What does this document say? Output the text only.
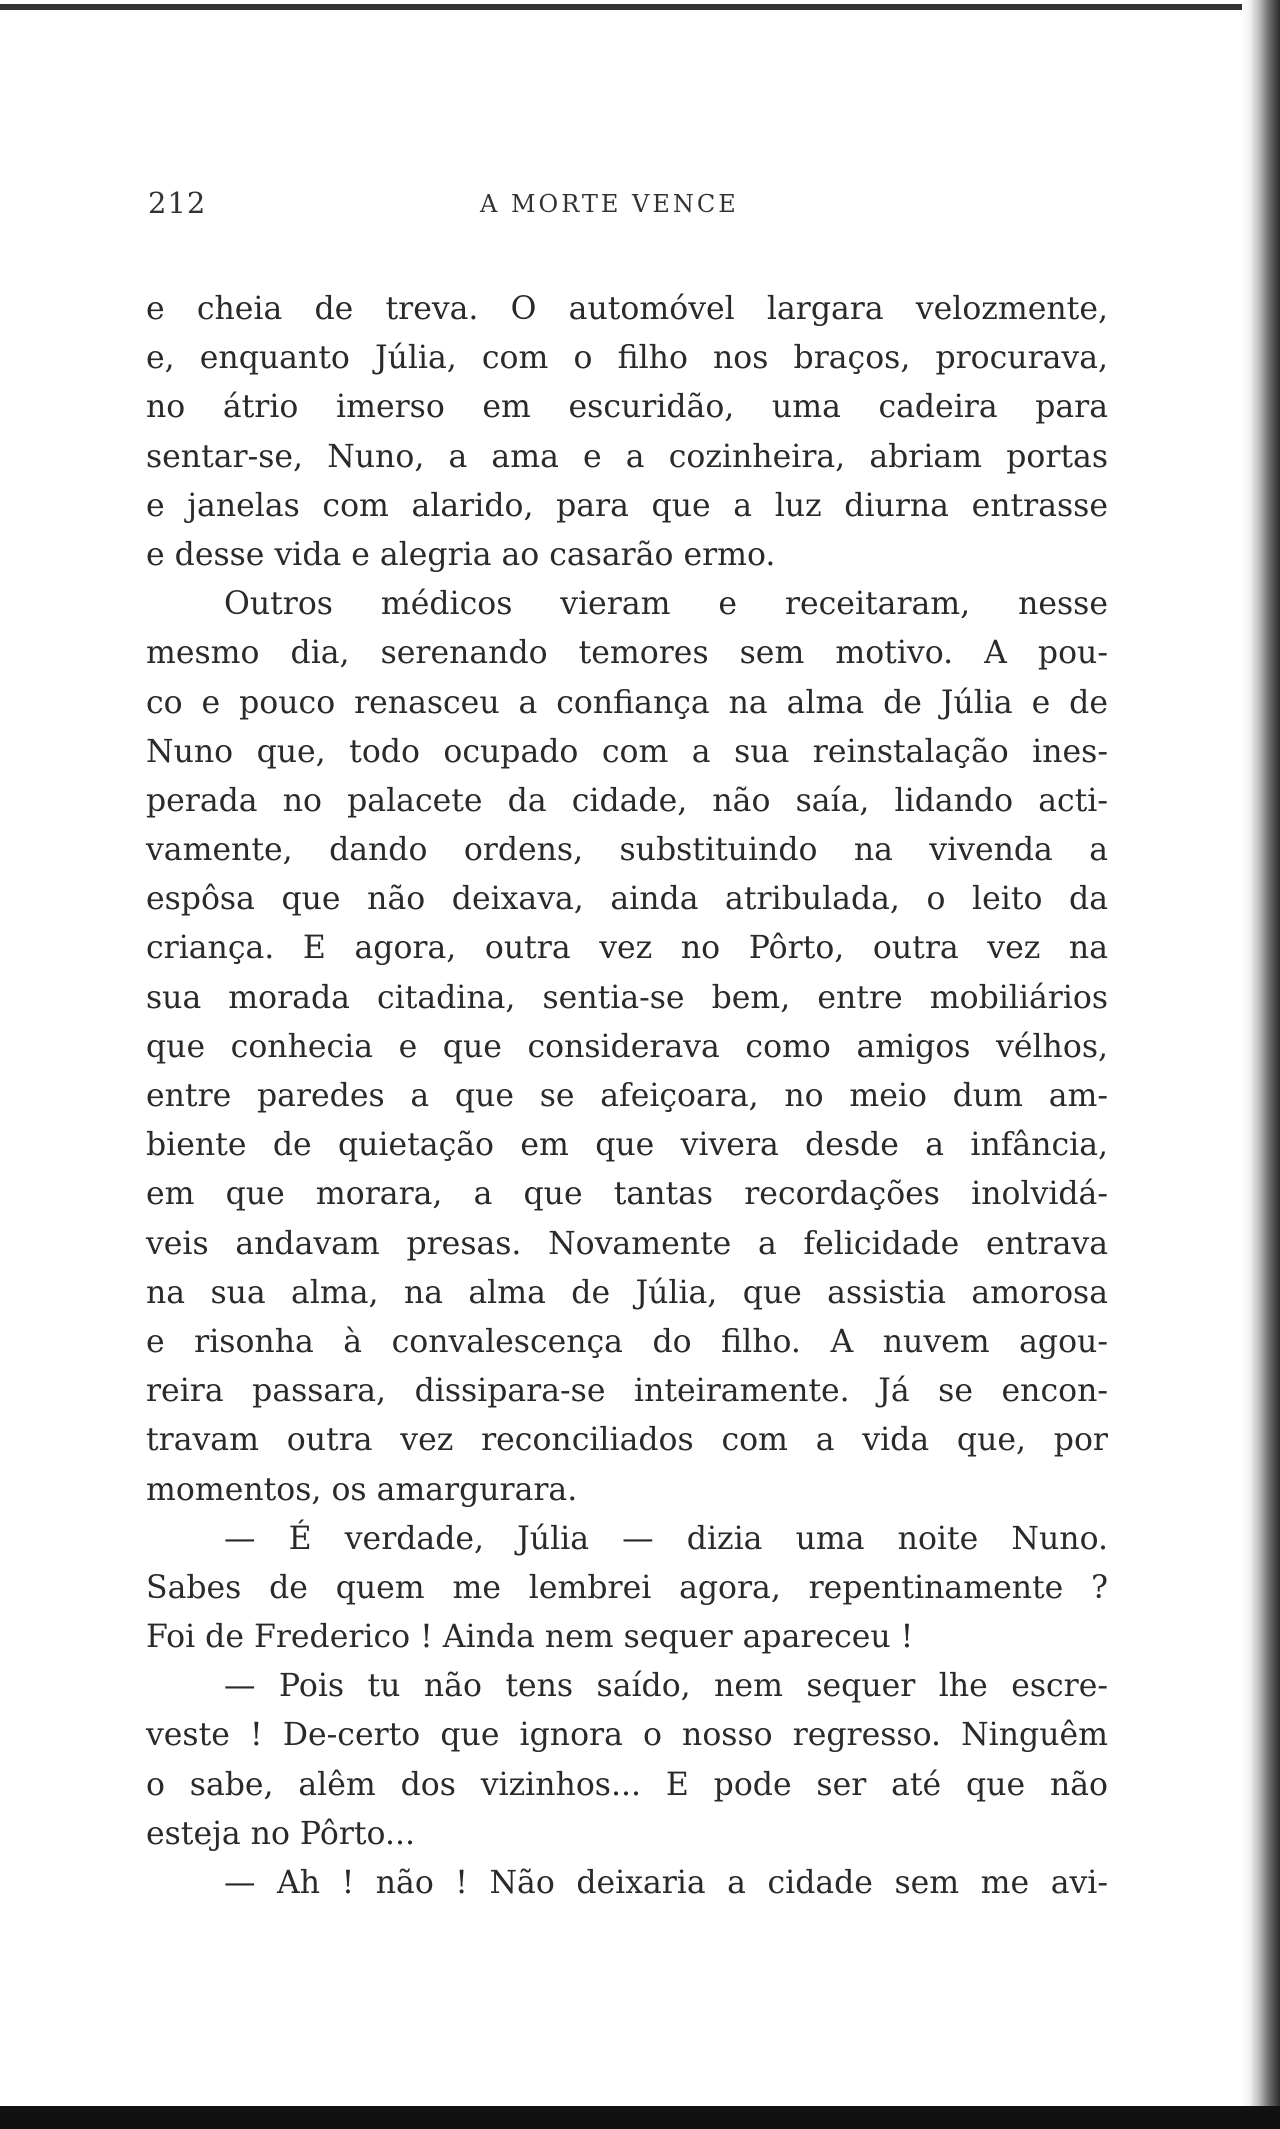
212	A MORTE VENCE
e cheia de treva. O automóvel largara velozmente,
e, enquanto Júlia, com o filho nos braços, procurava,
no átrio imerso em escuridão, uma cadeira para
sentar-se, Nuno, a ama e a cozinheira, abriam portas
e janelas com alarido, para que a luz diurna entrasse
e desse vida e alegria ao casarão ermo.
Outros médicos vieram e receitaram, nesse
mesmo dia, serenando temores sem motivo. A pou-
co e pouco renasceu a confiança na alma de Júlia e de
Nuno que, todo ocupado com a sua reinstalação ines-
perada no palacete da cidade, não saía, lidando acti-
vamente, dando ordens, substituindo na vivenda a
espôsa que não deixava, ainda atribulada, o leito da
criança. E agora, outra vez no Pôrto, outra vez na
sua morada citadina, sentia-se bem, entre mobiliários
que conhecia e que considerava como amigos vélhos,
entre paredes a que se afeiçoara, no meio dum am-
biente de quietação em que vivera desde a infância,
em que morara, a que tantas recordações inolvidá-
veis andavam presas. Novamente a felicidade entrava
na sua alma, na alma de Júlia, que assistia amorosa
e risonha à convalescença do filho. A nuvem agou-
reira passara, dissipara-se inteiramente. Já se encon-
travam outra vez reconciliados com a vida que, por
momentos, os amargurara.
— É verdade, Júlia — dizia uma noite Nuno.
Sabes de quem me lembrei agora, repentinamente ?
Foi de Frederico ! Ainda nem sequer apareceu !
— Pois tu não tens saído, nem sequer lhe escre-
veste ! De-certo que ignora o nosso regresso. Ninguêm
o sabe, alêm dos vizinhos... E pode ser até que não
esteja no Pôrto...
— Ah ! não ! Não deixaria a cidade sem me avi-
